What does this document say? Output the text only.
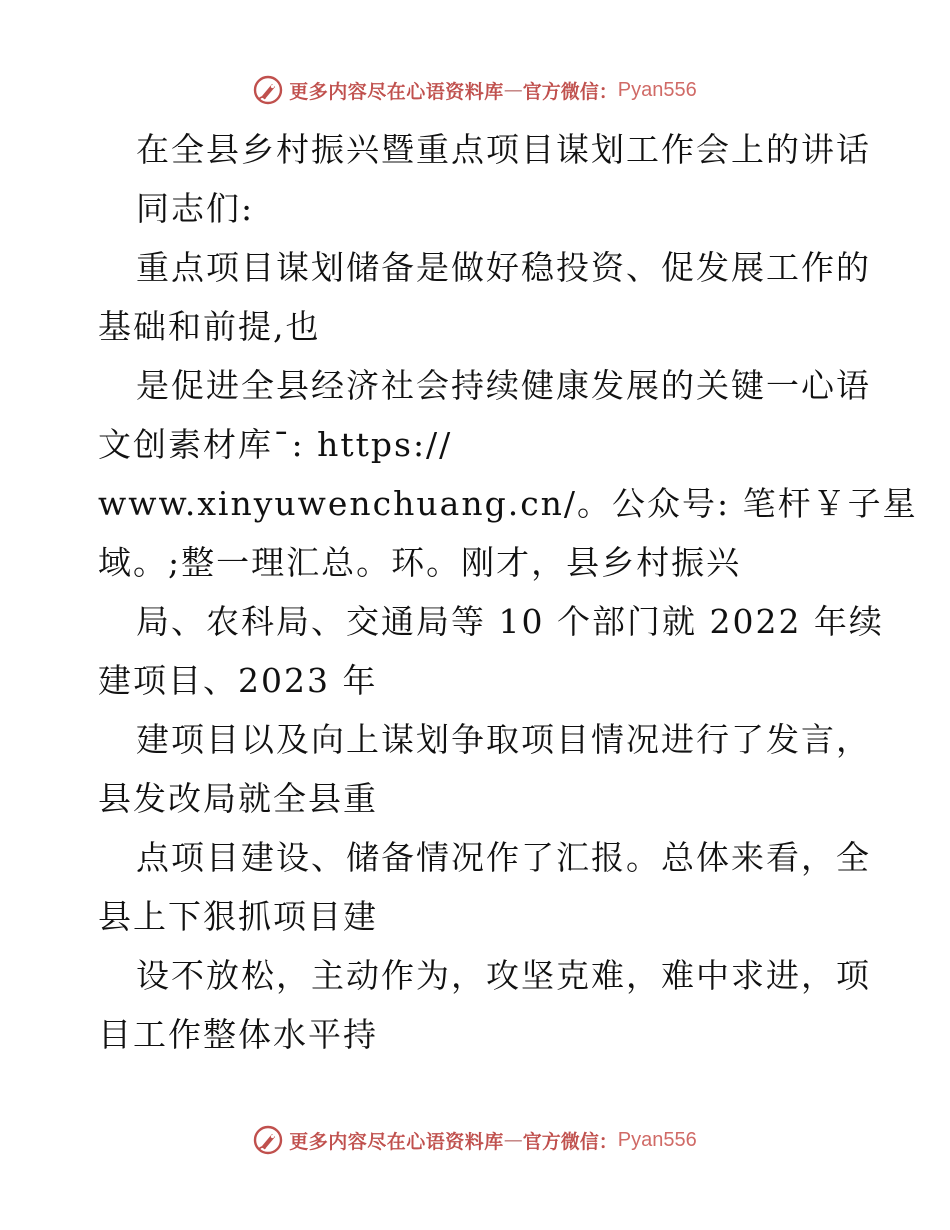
更多内容尽在心语资料库 — 官方微信： Pyan556
在全县乡村振兴暨重点项目谋划工作会上的讲话
同志们:
重点项目谋划储备是做好稳投资、促发展工作的
基础和前提,也
是促进全县经济社会持续健康发展的关键一心语
文创素材库¯: https://
www.xinyuwenchuang.cn/。公众号: 笔杆￥子星
域。;整一理汇总。环。刚才，县乡村振兴
局、农科局、交通局等 10 个部门就 2022 年续
建项目、2023 年
建项目以及向上谋划争取项目情况进行了发言，
县发改局就全县重
点项目建设、储备情况作了汇报。总体来看，全
县上下狠抓项目建
设不放松，主动作为，攻坚克难，难中求进，项
目工作整体水平持
更多内容尽在心语资料库 — 官方微信： Pyan556
